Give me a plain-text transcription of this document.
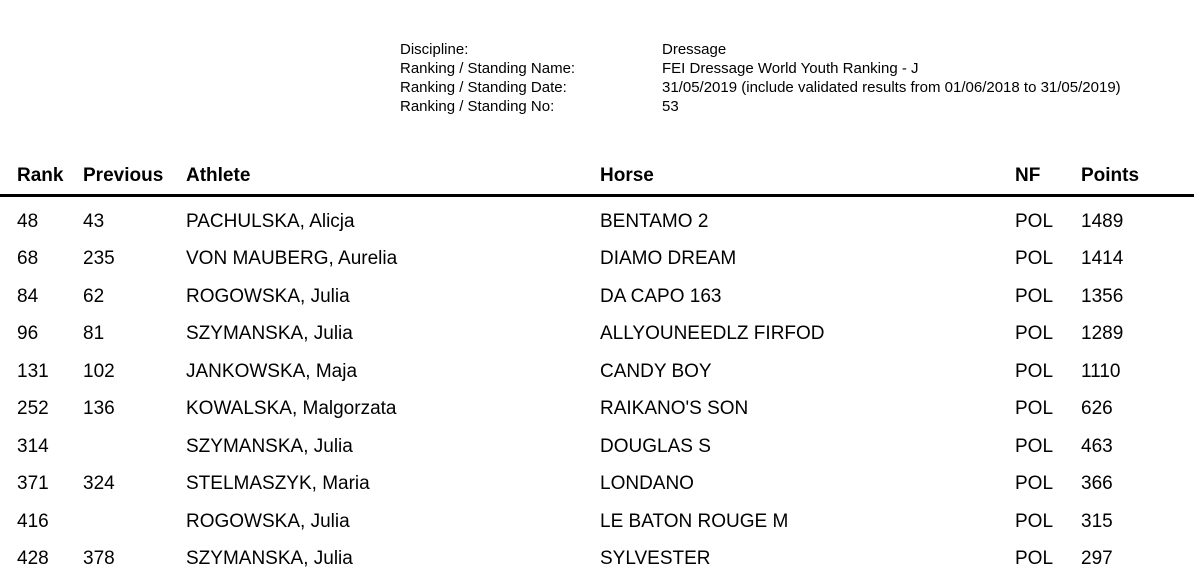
Discipline:	Dressage
Ranking / Standing Name:	FEI Dressage World Youth Ranking - J
Ranking / Standing Date:	31/05/2019 (include validated results from 01/06/2018 to 31/05/2019)
Ranking / Standing No:	53
Rank	Previous	Athlete	Horse	NF	Points
48	43	PACHULSKA, Alicja	BENTAMO 2	POL	1489
68	235	VON MAUBERG, Aurelia	DIAMO DREAM	POL	1414
84	62	ROGOWSKA, Julia	DA CAPO 163	POL	1356
96	81	SZYMANSKA, Julia	ALLYOUNEEDLZ FIRFOD	POL	1289
131	102	JANKOWSKA, Maja	CANDY BOY	POL	1110
252	136	KOWALSKA, Malgorzata	RAIKANO'S SON	POL	626
314		SZYMANSKA, Julia	DOUGLAS S	POL	463
371	324	STELMASZYK, Maria	LONDANO	POL	366
416		ROGOWSKA, Julia	LE BATON ROUGE M	POL	315
428	378	SZYMANSKA, Julia	SYLVESTER	POL	297
